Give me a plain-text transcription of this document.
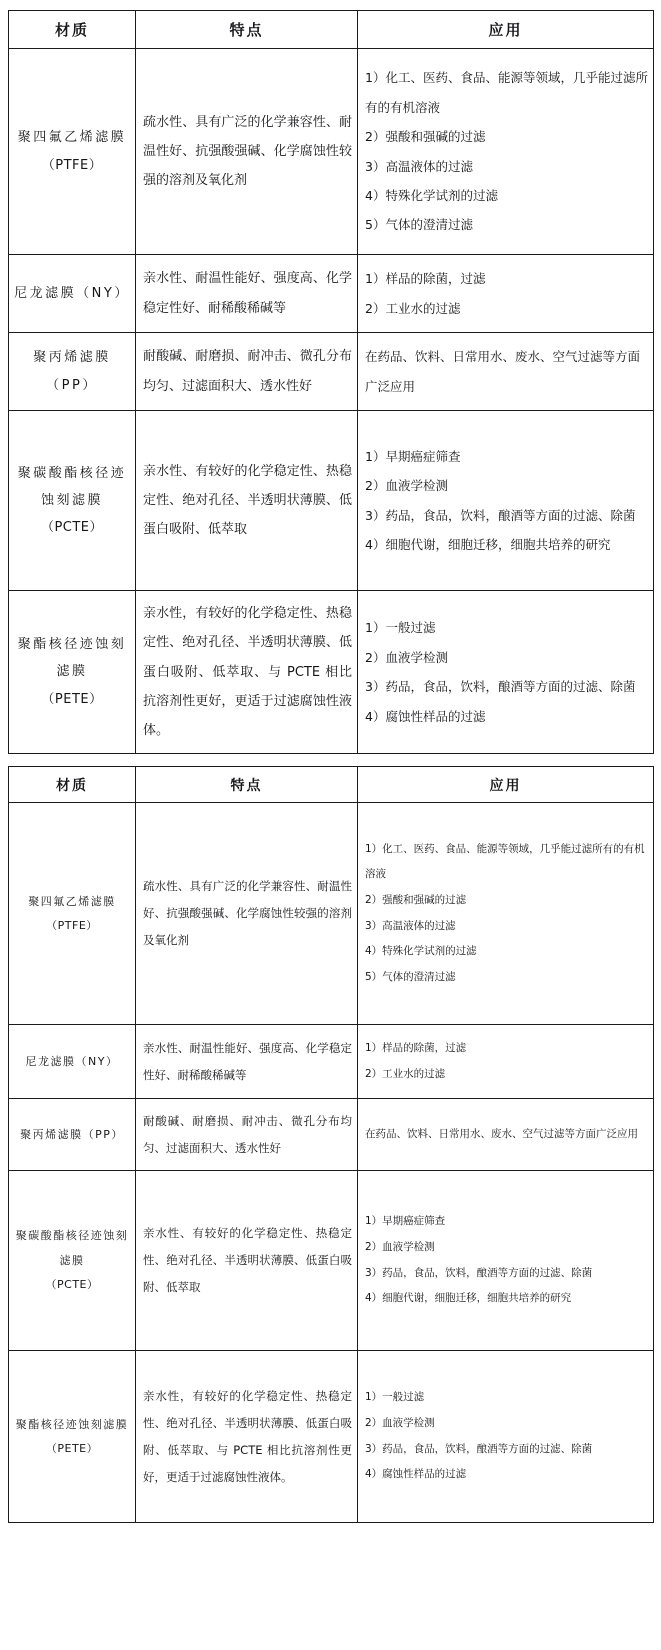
材质	特点	应用

聚四氟乙烯滤膜
（PTFE）	疏水性、具有广泛的化学兼容性、耐温性好、抗强酸强碱、化学腐蚀性较强的溶剂及氧化剂	1）化工、医药、食品、能源等领域，几乎能过滤所有的有机溶液
2）强酸和强碱的过滤
3）高温液体的过滤
4）特殊化学试剂的过滤
5）气体的澄清过滤

尼龙滤膜（NY）	亲水性、耐温性能好、强度高、化学稳定性好、耐稀酸稀碱等	1）样品的除菌，过滤
2）工业水的过滤

聚丙烯滤膜（PP）	耐酸碱、耐磨损、耐冲击、微孔分布均匀、过滤面积大、透水性好	在药品、饮料、日常用水、废水、空气过滤等方面广泛应用

聚碳酸酯核径迹蚀刻滤膜
（PCTE）	亲水性、有较好的化学稳定性、热稳定性、绝对孔径、半透明状薄膜、低蛋白吸附、低萃取	1）早期癌症筛查
2）血液学检测
3）药品，食品，饮料，酿酒等方面的过滤、除菌
4）细胞代谢，细胞迁移，细胞共培养的研究

聚酯核径迹蚀刻滤膜
（PETE）	亲水性，有较好的化学稳定性、热稳定性、绝对孔径、半透明状薄膜、低蛋白吸附、低萃取、与 PCTE 相比抗溶剂性更好，更适于过滤腐蚀性液体。	1）一般过滤
2）血液学检测
3）药品，食品，饮料，酿酒等方面的过滤、除菌
4）腐蚀性样品的过滤
材质	特点	应用

聚四氟乙烯滤膜
（PTFE）	疏水性、具有广泛的化学兼容性、耐温性好、抗强酸强碱、化学腐蚀性较强的溶剂及氧化剂	1）化工、医药、食品、能源等领域，几乎能过滤所有的有机溶液
2）强酸和强碱的过滤
3）高温液体的过滤
4）特殊化学试剂的过滤
5）气体的澄清过滤

尼龙滤膜（NY）	亲水性、耐温性能好、强度高、化学稳定性好、耐稀酸稀碱等	1）样品的除菌，过滤
2）工业水的过滤

聚丙烯滤膜（PP）	耐酸碱、耐磨损、耐冲击、微孔分布均匀、过滤面积大、透水性好	在药品、饮料、日常用水、废水、空气过滤等方面广泛应用

聚碳酸酯核径迹蚀刻滤膜
（PCTE）	亲水性、有较好的化学稳定性、热稳定性、绝对孔径、半透明状薄膜、低蛋白吸附、低萃取	1）早期癌症筛查
2）血液学检测
3）药品，食品，饮料，酿酒等方面的过滤、除菌
4）细胞代谢，细胞迁移，细胞共培养的研究

聚酯核径迹蚀刻滤膜
（PETE）	亲水性，有较好的化学稳定性、热稳定性、绝对孔径、半透明状薄膜、低蛋白吸附、低萃取、与 PCTE 相比抗溶剂性更好，更适于过滤腐蚀性液体。	1）一般过滤
2）血液学检测
3）药品，食品，饮料，酿酒等方面的过滤、除菌
4）腐蚀性样品的过滤
